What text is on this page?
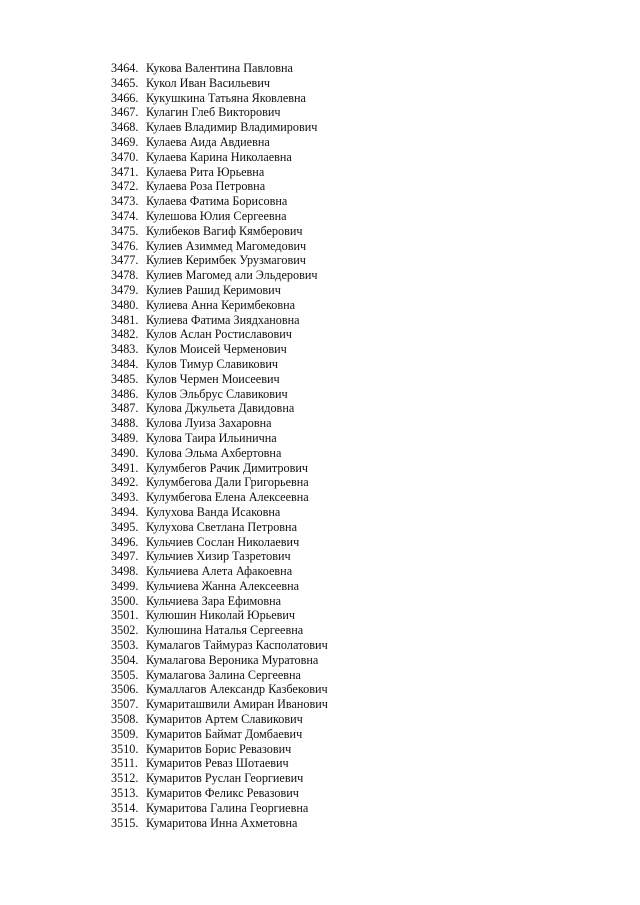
3464. Кукова Валентина Павловна
3465. Кукол Иван Васильевич
3466. Кукушкина Татьяна Яковлевна
3467. Кулагин Глеб Викторович
3468. Кулаев Владимир Владимирович
3469. Кулаева Аида Авдиевна
3470. Кулаева Карина Николаевна
3471. Кулаева Рита Юрьевна
3472. Кулаева Роза Петровна
3473. Кулаева Фатима Борисовна
3474. Кулешова Юлия Сергеевна
3475. Кулибеков Вагиф Кямберович
3476. Кулиев Азиммед Магомедович
3477. Кулиев Керимбек Урузмагович
3478. Кулиев Магомед али Эльдерович
3479. Кулиев Рашид Керимович
3480. Кулиева Анна Керимбековна
3481. Кулиева Фатима Зиядхановна
3482. Кулов Аслан Ростиславович
3483. Кулов Моисей Черменович
3484. Кулов Тимур Славикович
3485. Кулов Чермен Моисеевич
3486. Кулов Эльбрус Славикович
3487. Кулова Джульета Давидовна
3488. Кулова Луиза Захаровна
3489. Кулова Таира Ильинична
3490. Кулова Эльма Ахбертовна
3491. Кулумбегов Рачик Димитрович
3492. Кулумбегова Дали Григорьевна
3493. Кулумбегова Елена Алексеевна
3494. Кулухова Ванда Исаковна
3495. Кулухова Светлана Петровна
3496. Кульчиев Сослан Николаевич
3497. Кульчиев Хизир Тазретович
3498. Кульчиева Алета Афакоевна
3499. Кульчиева Жанна Алексеевна
3500. Кульчиева Зара Ефимовна
3501. Кулюшин Николай Юрьевич
3502. Кулюшина Наталья Сергеевна
3503. Кумалагов Таймураз Касполатович
3504. Кумалагова Вероника Муратовна
3505. Кумалагова Залина Сергеевна
3506. Кумаллагов Александр Казбекович
3507. Кумариташвили Амиран Иванович
3508. Кумаритов Артем Славикович
3509. Кумаритов Баймат Домбаевич
3510. Кумаритов Борис Ревазович
3511. Кумаритов Реваз Шотаевич
3512. Кумаритов Руслан Георгиевич
3513. Кумаритов Феликс Ревазович
3514. Кумаритова Галина Георгиевна
3515. Кумаритова Инна Ахметовна
